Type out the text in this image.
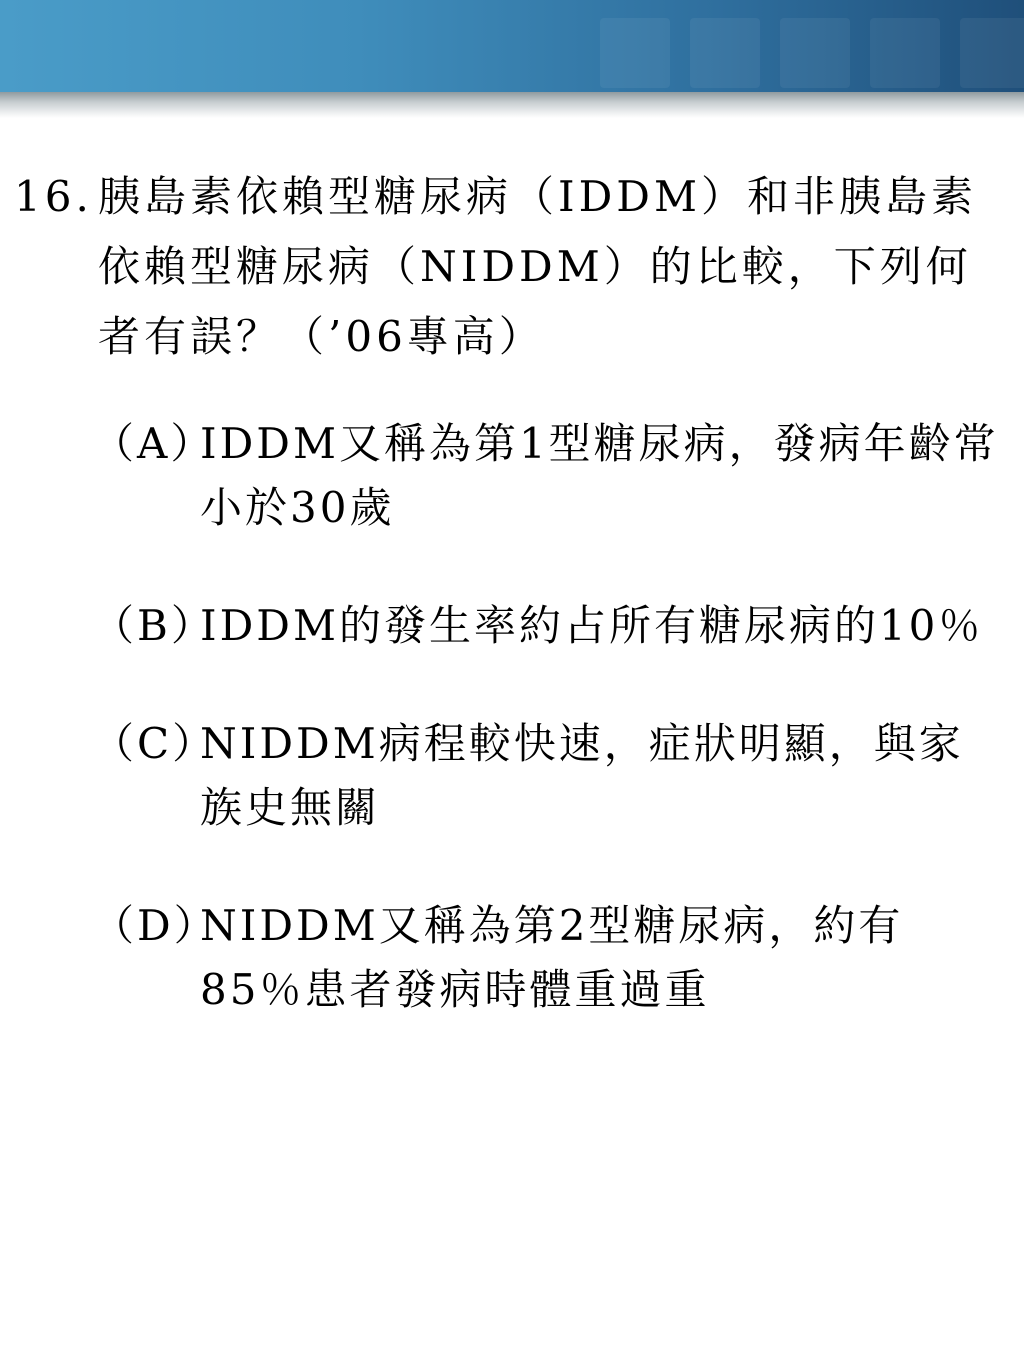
16. 胰島素依賴型糖尿病（IDDM）和非胰島素依賴型糖尿病（NIDDM）的比較，下列何者有誤？（’06專高）
（A）
IDDM又稱為第1型糖尿病，發病年齡常小於30歲
（B）
IDDM的發生率約占所有糖尿病的10％
（C）
NIDDM病程較快速，症狀明顯，與家族史無關
（D）
NIDDM又稱為第2型糖尿病，約有85％患者發病時體重過重
